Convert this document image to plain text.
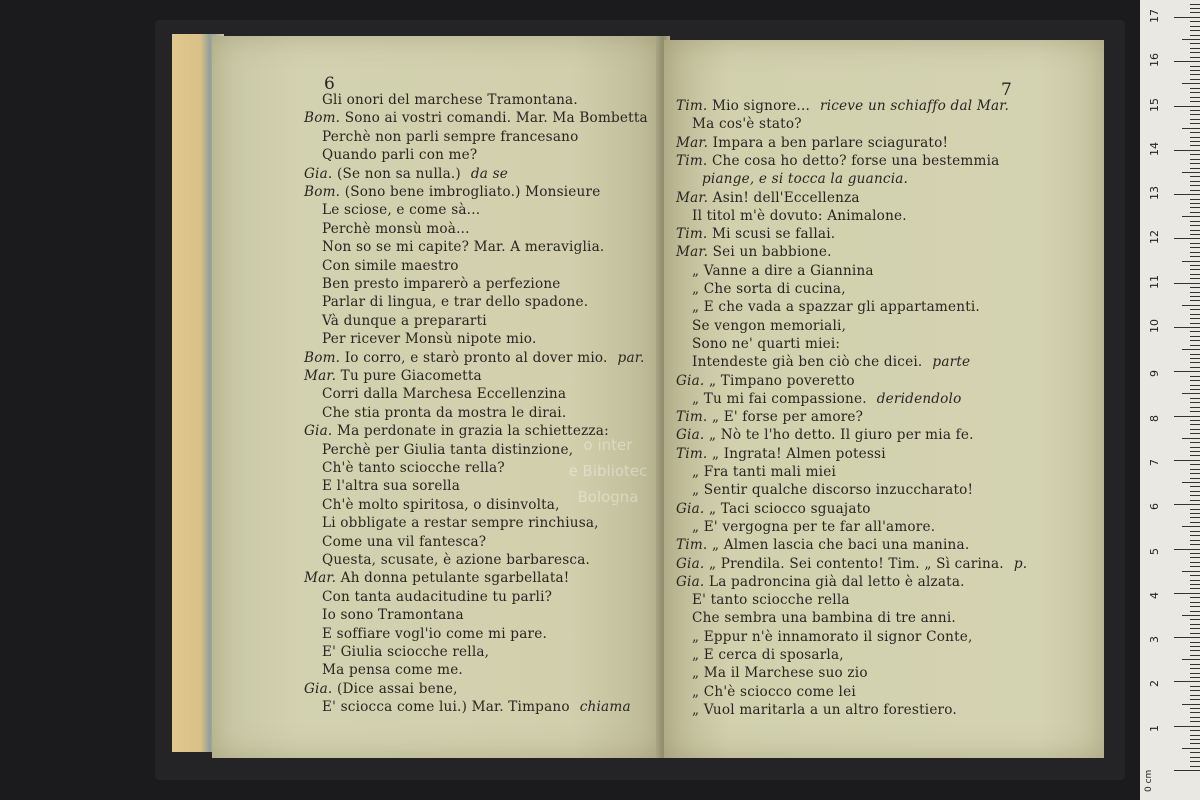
6
Gli onori del marchese Tramontana.
Bom. Sono ai vostri comandi. Mar. Ma Bombetta
Perchè non parli sempre francesano
Quando parli con me?
Gia. (Se non sa nulla.) da se
Bom. (Sono bene imbrogliato.) Monsieure
Le sciose, e come sà...
Perchè monsù moà...
Non so se mi capite? Mar. A meraviglia.
Con simile maestro
Ben presto imparerò a perfezione
Parlar di lingua, e trar dello spadone.
Và dunque a prepararti
Per ricever Monsù nipote mio.
Bom. Io corro, e starò pronto al dover mio. par.
Mar. Tu pure Giacometta
Corri dalla Marchesa Eccellenzina
Che stia pronta da mostra le dirai.
Gia. Ma perdonate in grazia la schiettezza:
Perchè per Giulia tanta distinzione,
Ch'è tanto sciocche rella?
E l'altra sua sorella
Ch'è molto spiritosa, o disinvolta,
Li obbligate a restar sempre rinchiusa,
Come una vil fantesca?
Questa, scusate, è azione barbaresca.
Mar. Ah donna petulante sgarbellata!
Con tanta audacitudine tu parli?
Io sono Tramontana
E soffiare vogl'io come mi pare.
E' Giulia sciocche rella,
Ma pensa come me.
Gia. (Dice assai bene,
E' sciocca come lui.) Mar. Timpano chiama
7
Tim. Mio signore... riceve un schiaffo dal Mar.
Ma cos'è stato?
Mar. Impara a ben parlare sciagurato!
Tim. Che cosa ho detto? forse una bestemmia
piange, e si tocca la guancia.
Mar. Asin! dell'Eccellenza
Il titol m'è dovuto: Animalone.
Tim. Mi scusi se fallai.
Mar. Sei un babbione.
„ Vanne a dire a Giannina
„ Che sorta di cucina,
„ E che vada a spazzar gli appartamenti.
Se vengon memoriali,
Sono ne' quarti miei:
Intendeste già ben ciò che dicei. parte
Gia. „ Timpano poveretto
„ Tu mi fai compassione. deridendolo
Tim. „ E' forse per amore?
Gia. „ Nò te l'ho detto. Il giuro per mia fe.
Tim. „ Ingrata! Almen potessi
„ Fra tanti mali miei
„ Sentir qualche discorso inzuccharato!
Gia. „ Taci sciocco sguajato
„ E' vergogna per te far all'amore.
Tim. „ Almen lascia che baci una manina.
Gia. „ Prendila. Sei contento! Tim. „ Sì carina. p.
Gia. La padroncina già dal letto è alzata.
E' tanto sciocche rella
Che sembra una bambina di tre anni.
„ Eppur n'è innamorato il signor Conte,
„ E cerca di sposarla,
„ Ma il Marchese suo zio
„ Ch'è sciocco come lei
„ Vuol maritarla a un altro forestiero.
o inter
e Bibliotec
Bologna
0 cm
1
2
3
4
5
6
7
8
9
10
11
12
13
14
15
16
17
